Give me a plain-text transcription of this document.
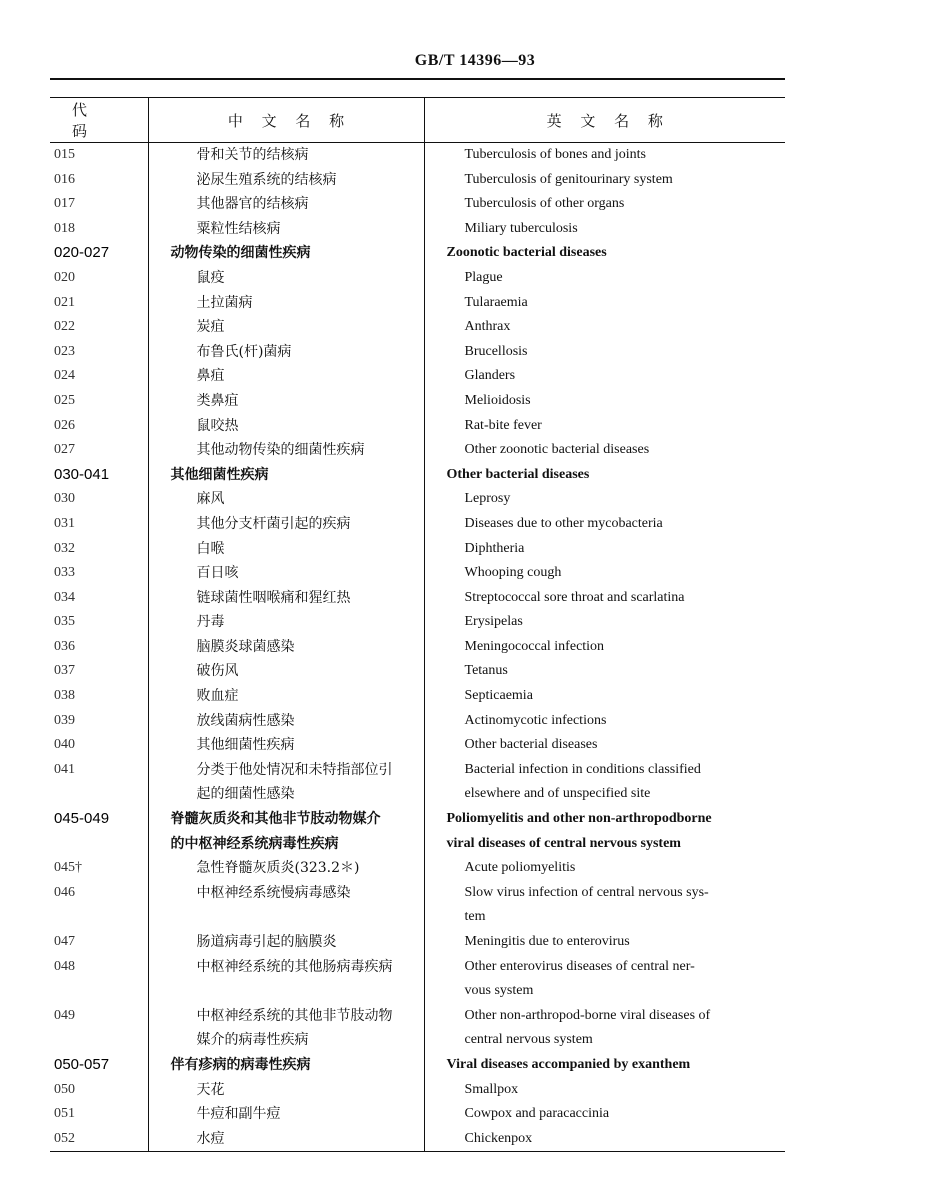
GB/T 14396—93
代 码	中 文 名 称	英 文 名 称
015	骨和关节的结核病	Tuberculosis of bones and joints
016	泌尿生殖系统的结核病	Tuberculosis of genitourinary system
017	其他器官的结核病	Tuberculosis of other organs
018	粟粒性结核病	Miliary tuberculosis
020-027	动物传染的细菌性疾病	Zoonotic bacterial diseases
020	鼠疫	Plague
021	土拉菌病	Tularaemia
022	炭疽	Anthrax
023	布鲁氏(杆)菌病	Brucellosis
024	鼻疽	Glanders
025	类鼻疽	Melioidosis
026	鼠咬热	Rat-bite fever
027	其他动物传染的细菌性疾病	Other zoonotic bacterial diseases
030-041	其他细菌性疾病	Other bacterial diseases
030	麻风	Leprosy
031	其他分支杆菌引起的疾病	Diseases due to other mycobacteria
032	白喉	Diphtheria
033	百日咳	Whooping cough
034	链球菌性咽喉痛和猩红热	Streptococcal sore throat and scarlatina
035	丹毒	Erysipelas
036	脑膜炎球菌感染	Meningococcal infection
037	破伤风	Tetanus
038	败血症	Septicaemia
039	放线菌病性感染	Actinomycotic infections
040	其他细菌性疾病	Other bacterial diseases
041	分类于他处情况和未特指部位引	Bacterial infection in conditions classified
	起的细菌性感染	elsewhere and of unspecified site
045-049	脊髓灰质炎和其他非节肢动物媒介	Poliomyelitis and other non-arthropodborne
	的中枢神经系统病毒性疾病	viral diseases of central nervous system
045†	急性脊髓灰质炎(323.2＊)	Acute poliomyelitis
046	中枢神经系统慢病毒感染	Slow virus infection of central nervous sys-
		tem
047	肠道病毒引起的脑膜炎	Meningitis due to enterovirus
048	中枢神经系统的其他肠病毒疾病	Other enterovirus diseases of central ner-
		vous system
049	中枢神经系统的其他非节肢动物	Other non-arthropod-borne viral diseases of
	媒介的病毒性疾病	central nervous system
050-057	伴有疹病的病毒性疾病	Viral diseases accompanied by exanthem
050	天花	Smallpox
051	牛痘和副牛痘	Cowpox and paracaccinia
052	水痘	Chickenpox
